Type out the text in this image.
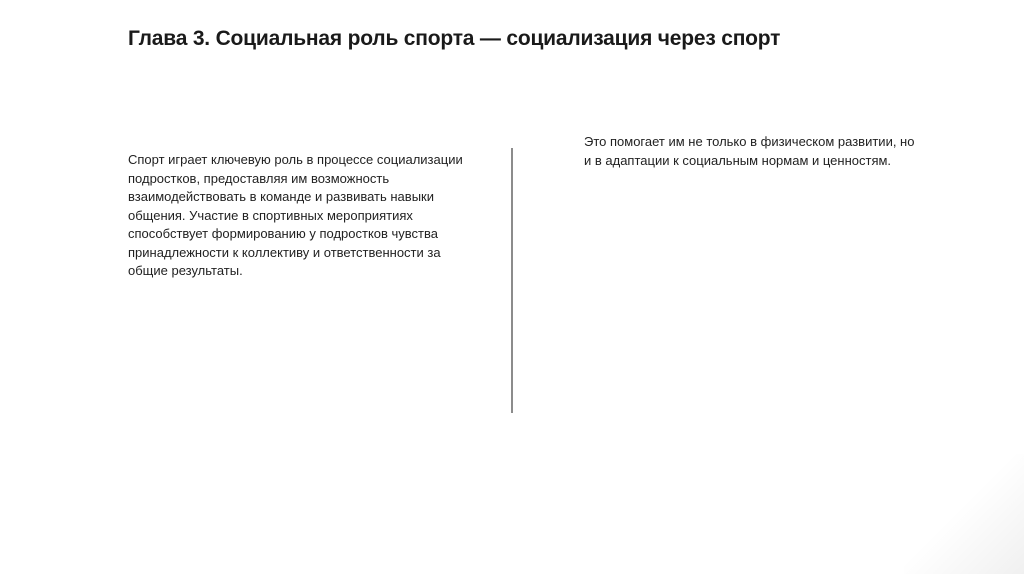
Глава 3. Социальная роль спорта — социализация через спорт

Спорт играет ключевую роль в процессе социализации подростков, предоставляя им возможность взаимодействовать в команде и развивать навыки общения. Участие в спортивных мероприятиях способствует формированию у подростков чувства принадлежности к коллективу и ответственности за общие результаты.

Это помогает им не только в физическом развитии, но и в адаптации к социальным нормам и ценностям.
